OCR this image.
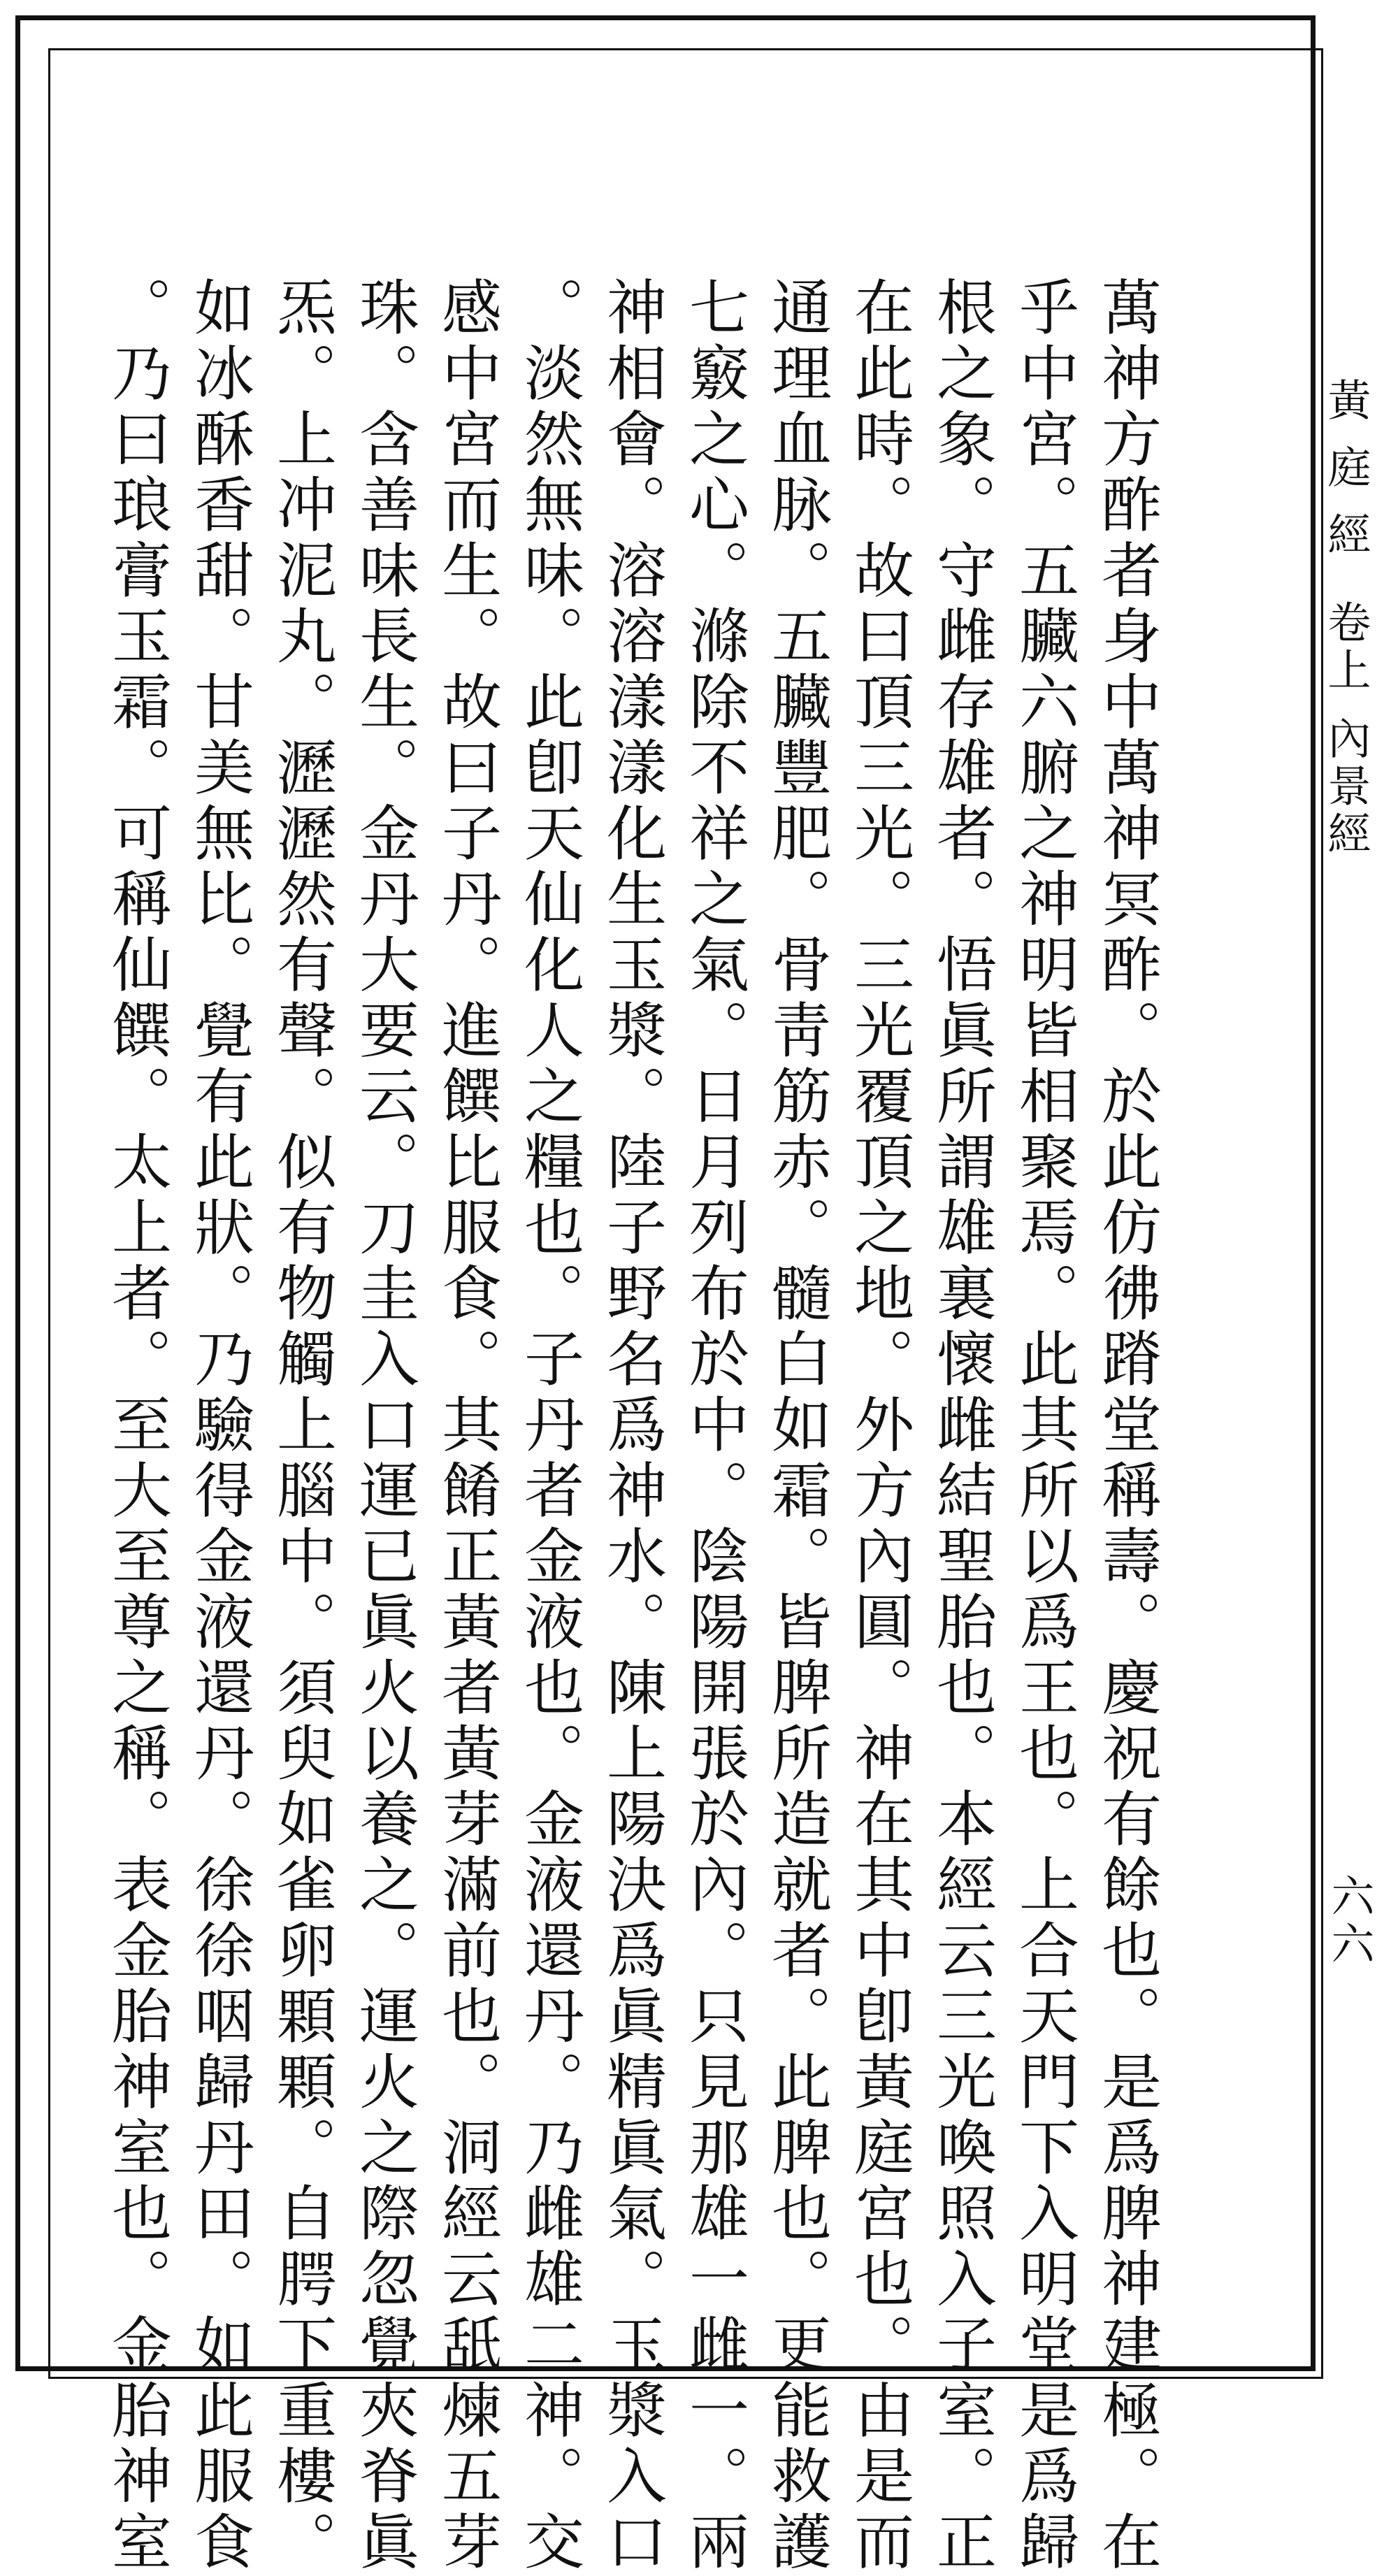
萬神方酢者身中萬神冥酢。於此仿彿蹐堂稱壽。慶祝有餘也。是爲脾神建極。在
乎中宮。五臟六腑之神明皆相聚焉。此其所以爲王也。上合天門下入明堂是爲歸
根之象。守雌存雄者。悟眞所謂雄裏懷雌結聖胎也。本經云三光喚照入子室。正
在此時。故曰頂三光。三光覆頂之地。外方內圓。神在其中卽黃庭宮也。由是而
通理血脉。五臟豐肥。骨靑筋赤。髓白如霜。皆脾所造就者。此脾也。更能救護
七竅之心。滌除不祥之氣。日月列布於中。陰陽開張於內。只見那雄一雌一。兩
神相會。溶溶漾漾化生玉漿。陸子野名爲神水。陳上陽決爲眞精眞氣。玉漿入口
。淡然無味。此卽天仙化人之糧也。子丹者金液也。金液還丹。乃雌雄二神。交
感中宮而生。故曰子丹。進饌比服食。其餚正黃者黃芽滿前也。洞經云舐煉五芽
珠。含善味長生。金丹大要云。刀圭入口運已眞火以養之。運火之際忽覺夾脊眞
炁。上冲泥丸。瀝瀝然有聲。似有物觸上腦中。須臾如雀卵顆顆。自腭下重樓。
如冰酥香甜。甘美無比。覺有此狀。乃驗得金液還丹。徐徐咽歸丹田。如此服食
。乃曰琅膏玉霜。可稱仙饌。太上者。至大至尊之稱。表金胎神室也。金胎神室	黃庭經卷上內景經
六六
